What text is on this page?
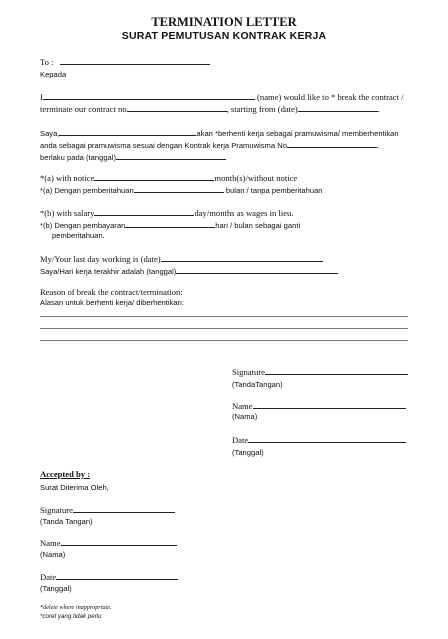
TERMINATION LETTER
SURAT PEMUTUSAN KONTRAK KERJA
To :
Kepada
I	(name) would like to * break the contract /
terminate our contract no	, starting from (date)	.
Saya,	akan *berhenti kerja sebagai pramuwisma/ memberhentikan
anda sebagai pramuwisma sesuai dengan Kontrak kerja Pramuwisma No	,
berlaku pada (tanggal)
*(a) with notice	month(s)/without notice
*(a) Dengan pemberitahuan	bulan / tanpa pemberitahuan
*(b) with salary	day/months as wages in lieu.
*(b) Dengan pembayaran	hari / bulan sebagai ganti
pemberitahuan.
My/Your last day working is (date)
Saya/Hari kerja terakhir adalah (tanggal)
Reason of break the contract/termination:
Alasan untuk berhenti kerja/ diberhentikan:
Signature
(TandaTangan)
Name
(Nama)
Date
(Tanggal)
Accepted by :
Surat Diterima Oleh,
Signature
(Tanda Tangan)
Name
(Nama)
Date
(Tanggal)
*delete where inappropriate.
*coret yang tidak perlu
